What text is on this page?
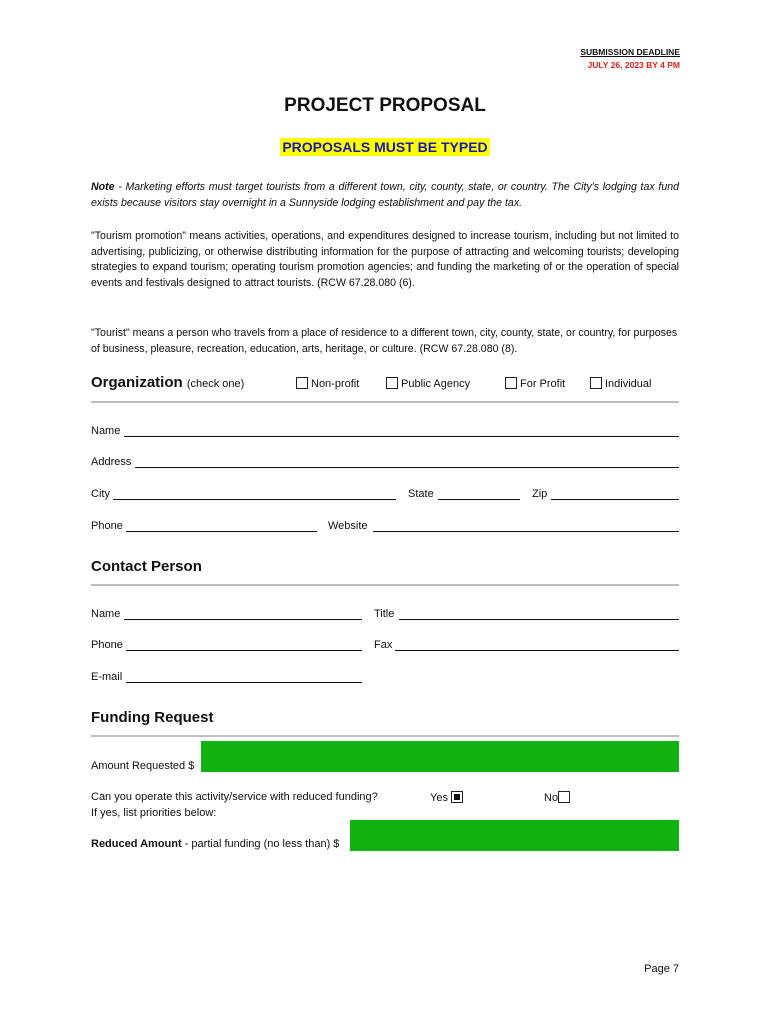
SUBMISSION DEADLINE
JULY 26, 2023 BY 4 PM
PROJECT PROPOSAL
PROPOSALS MUST BE TYPED
Note - Marketing efforts must target tourists from a different town, city, county, state, or country. The City's lodging tax fund exists because visitors stay overnight in a Sunnyside lodging establishment and pay the tax.
"Tourism promotion" means activities, operations, and expenditures designed to increase tourism, including but not limited to advertising, publicizing, or otherwise distributing information for the purpose of attracting and welcoming tourists; developing strategies to expand tourism; operating tourism promotion agencies; and funding the marketing of or the operation of special events and festivals designed to attract tourists. (RCW 67.28.080 (6).
"Tourist" means a person who travels from a place of residence to a different town, city, county, state, or country, for purposes of business, pleasure, recreation, education, arts, heritage, or culture. (RCW 67.28.080 (8).
Organization (check one)	Non-profit	Public Agency	For Profit	Individual
Name
Address
City	State	Zip
Phone	Website
Contact Person
Name	Title
Phone	Fax
E-mail
Funding Request
Amount Requested $
Can you operate this activity/service with reduced funding?
If yes, list priorities below:
Yes	No
Reduced Amount - partial funding (no less than) $
Page 7
